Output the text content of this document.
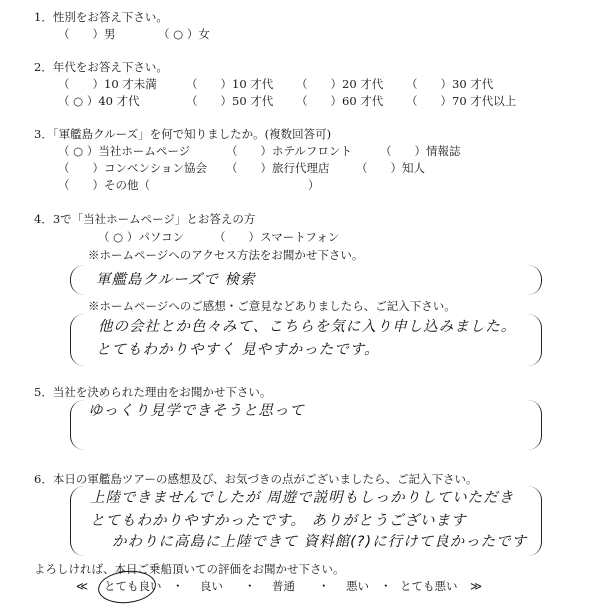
1．性別をお答え下さい。
（　　）男	（ ○ ）女
2．年代をお答え下さい。
（　　）10 才未満	（　　）10 才代 （　　）20 才代 （　　）30 才代
（ ○ ）40 才代	（　　）50 才代 （　　）60 才代 （　　）70 才代以上
3．「軍艦島クルーズ」を何で知りましたか。(複数回答可)
（ ○ ）当社ホームページ	（　　）ホテルフロント （　　）情報誌
（　　）コンベンション協会 （　　）旅行代理店 （　　）知人
（　　）その他（	）
4．3で「当社ホームページ」とお答えの方
（ ○ ）パソコン	（　　）スマートフォン
※ホームページへのアクセス方法をお聞かせ下さい。
軍艦島クルーズで 検索
※ホームページへのご感想・ご意見などありましたら、ご記入下さい。
他の会社とか色々みて、こちらを気に入り申し込みました。
とてもわかりやすく 見やすかったです。
5．当社を決められた理由をお聞かせ下さい。
ゆっくり見学できそうと思って
6．本日の軍艦島ツアーの感想及び、お気づきの点がございましたら、ご記入下さい。
上陸できませんでしたが 周遊で説明もしっかりしていただき
とてもわかりやすかったです。 ありがとうございます
かわりに高島に上陸できて 資料館(?)に行けて良かったです
よろしければ、本日ご乗船頂いての評価をお聞かせ下さい。
≪ とても良い ・ 良い ・ 普通 ・ 悪い ・ とても悪い ≫
